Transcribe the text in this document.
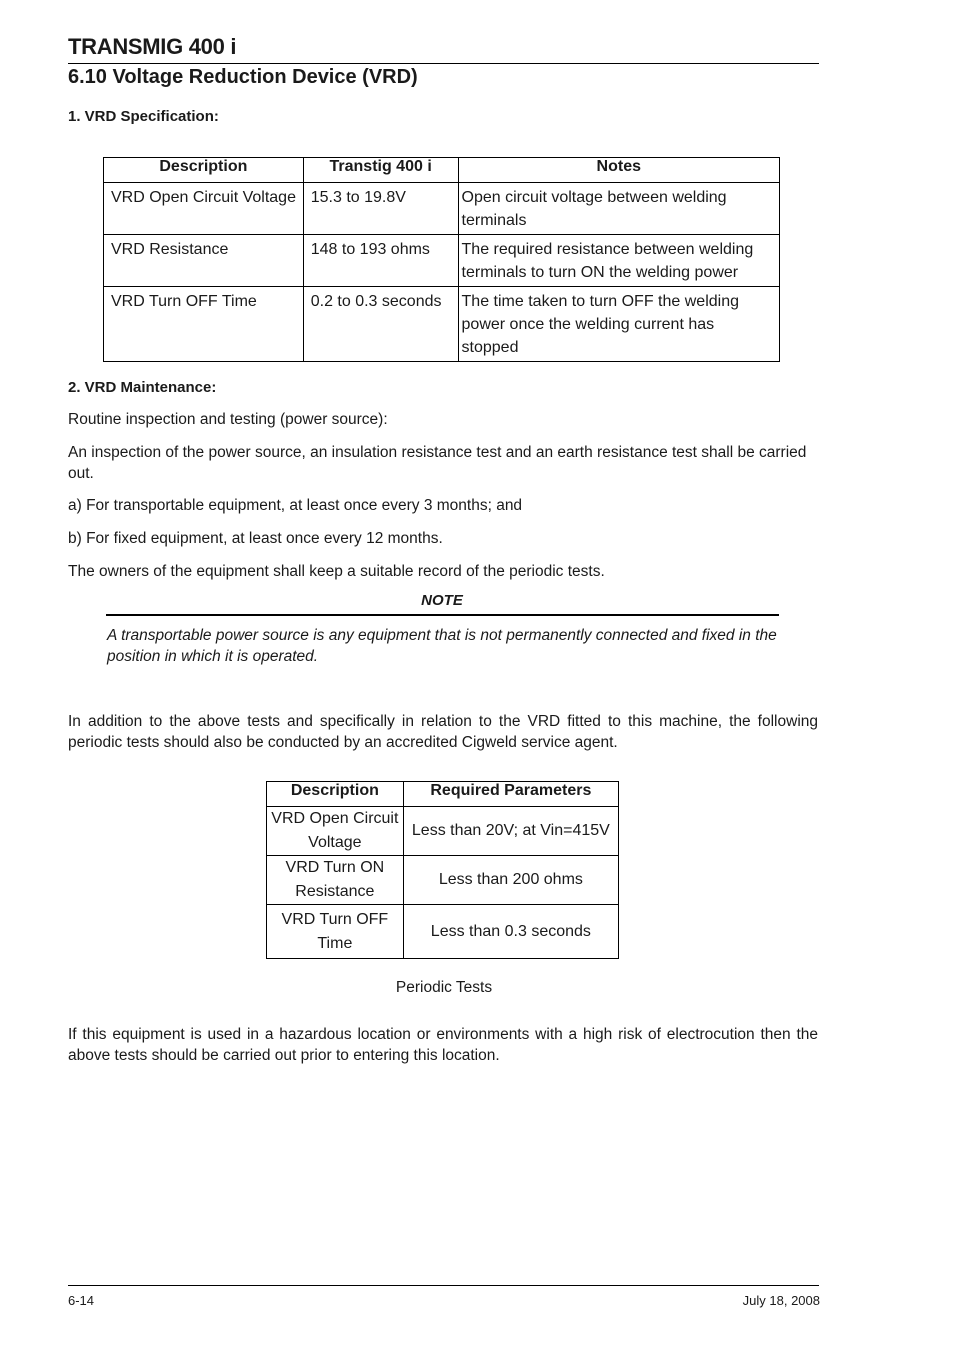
TRANSMIG 400 i
6.10 Voltage Reduction Device (VRD)
1. VRD Specification:
Description	Transtig 400 i	Notes
VRD Open Circuit Voltage	15.3 to 19.8V	Open circuit voltage between welding terminals
VRD Resistance	148 to 193 ohms	The required resistance between welding terminals to turn ON the welding power
VRD Turn OFF Time	0.2 to 0.3 seconds	The time taken to turn OFF the welding power once the welding current has stopped
2. VRD Maintenance:
Routine inspection and testing (power source):
An inspection of the power source, an insulation resistance test and an earth resistance test shall be carried out.
a) For transportable equipment, at least once every 3 months; and
b) For fixed equipment, at least once every 12 months.
The owners of the equipment shall keep a suitable record of the periodic tests.
NOTE
A transportable power source is any equipment that is not permanently connected and fixed in the position in which it is operated.
In addition to the above tests and specifically in relation to the VRD fitted to this machine, the following periodic tests should also be conducted by an accredited Cigweld service agent.
Description	Required Parameters
VRD Open Circuit Voltage	Less than 20V; at Vin=415V
VRD Turn ON Resistance	Less than 200 ohms
VRD Turn OFF Time	Less than 0.3 seconds
Periodic Tests
If this equipment is used in a hazardous location or environments with a high risk of electrocution then the above tests should be carried out prior to entering this location.
6-14	July 18, 2008
